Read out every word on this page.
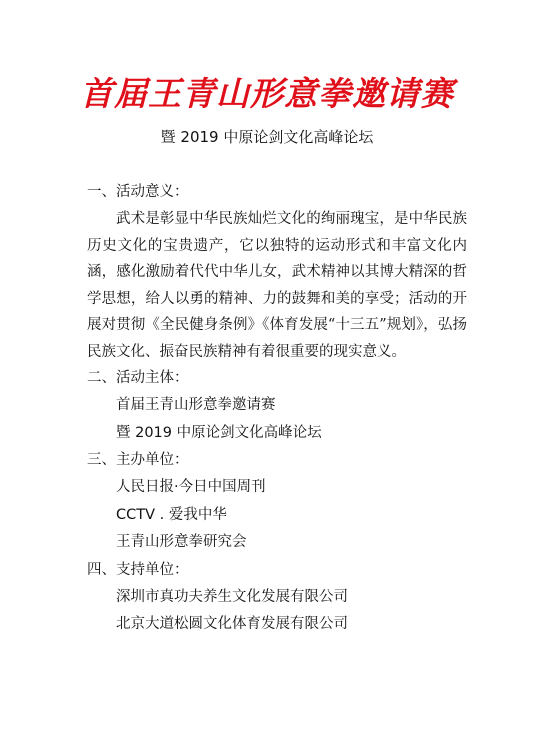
首届王青山形意拳邀请赛
暨 2019 中原论剑文化高峰论坛

一、活动意义：

武术是彰显中华民族灿烂文化的绚丽瑰宝，是中华民族历史文化的宝贵遗产，它以独特的运动形式和丰富文化内涵，感化激励着代代中华儿女，武术精神以其博大精深的哲学思想，给人以勇的精神、力的鼓舞和美的享受；活动的开展对贯彻《全民健身条例》《体育发展“十三五”规划》，弘扬民族文化、振奋民族精神有着很重要的现实意义。

二、活动主体：

首届王青山形意拳邀请赛

暨 2019 中原论剑文化高峰论坛

三、主办单位：

人民日报·今日中国周刊

CCTV . 爱我中华

王青山形意拳研究会

四、支持单位：

深圳市真功夫养生文化发展有限公司

北京大道松圆文化体育发展有限公司
